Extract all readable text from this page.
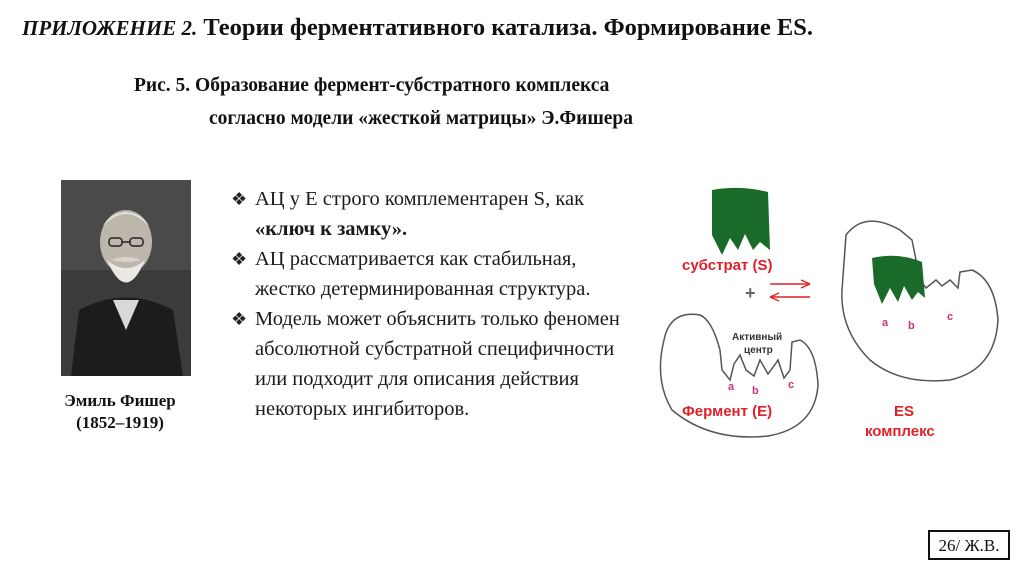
ПРИЛОЖЕНИЕ 2. Теории ферментативного катализа. Формирование ES.
Рис. 5. Образование фермент-субстратного комплекса
согласно модели «жесткой матрицы» Э.Фишера
Эмиль Фишер
(1852–1919)
❖ АЦ у Е строго комплементарен S, как «ключ к замку».
❖ АЦ рассматривается как стабильная, жестко детерминированная структура.
❖ Модель может объяснить только феномен абсолютной субстратной специфичности или подходит для описания действия некоторых ингибиторов.
субстрат (S)
+
Активный
центр
a b	c
Фермент (E)
a b
c
ES
комплекс
26/ Ж.В.
